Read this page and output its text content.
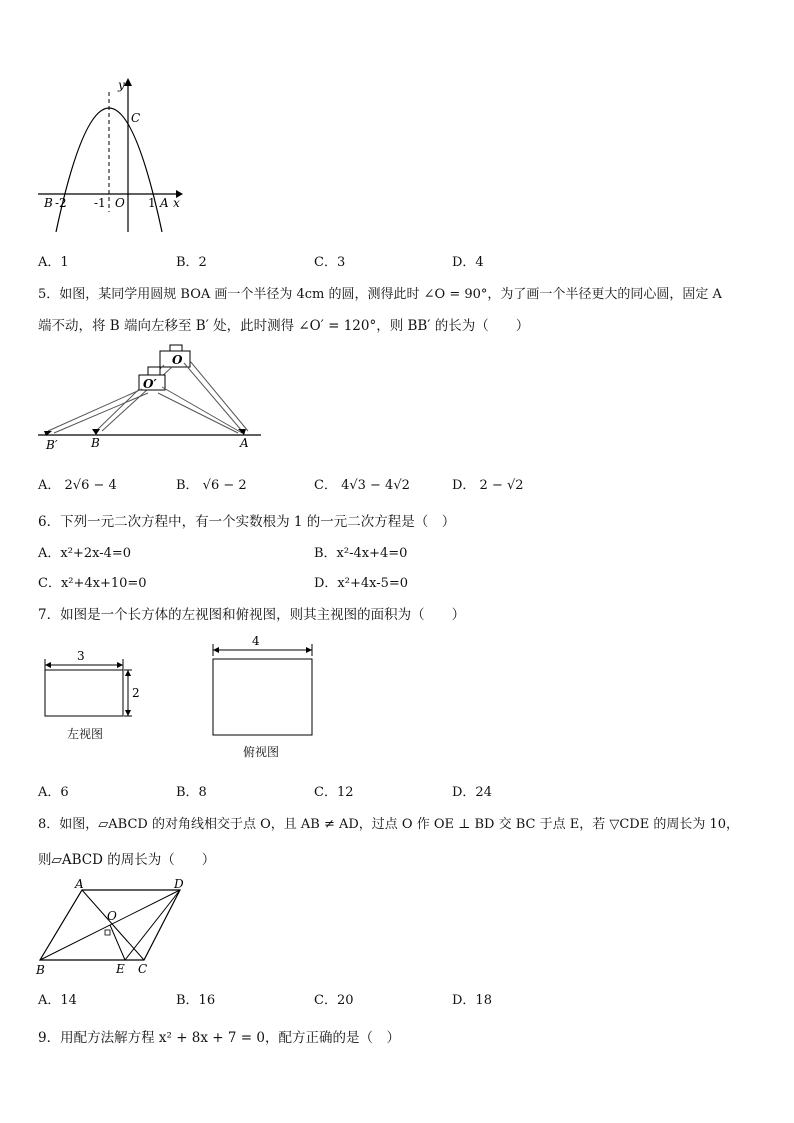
y
C
B -2 -1 O 1 A x
A．1	B．2	C．3	D．4
5．如图，某同学用圆规 BOA 画一个半径为 4cm 的圆，测得此时 ∠O = 90°，为了画一个半径更大的同心圆，固定 A
端不动，将 B 端向左移至 B′ 处，此时测得 ∠O′ = 120°，则 BB′ 的长为（　　）
O
O′
B′	B	A
A． 2√6 − 4	B． √6 − 2	C． 4√3 − 4√2	D． 2 − √2
6．下列一元二次方程中，有一个实数根为 1 的一元二次方程是（　）
A．x²+2x-4=0	B．x²-4x+4=0
C．x²+4x+10=0	D．x²+4x-5=0
7．如图是一个长方体的左视图和俯视图，则其主视图的面积为（　　）
3
2
左视图
4
俯视图
A．6	B．8	C．12	D．24
8．如图，▱ABCD 的对角线相交于点 O，且 AB ≠ AD，过点 O 作 OE ⊥ BD 交 BC 于点 E，若 ▽CDE 的周长为 10，
则▱ABCD 的周长为（　　）
A	D
O
B	E C
A．14	B．16	C．20	D．18
9．用配方法解方程 x² + 8x + 7 = 0，配方正确的是（　）
